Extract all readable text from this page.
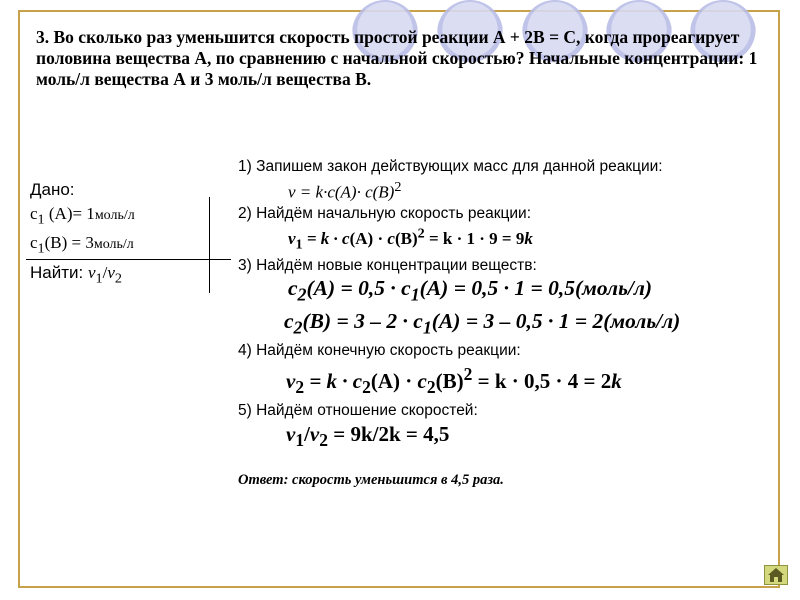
3. Во сколько раз уменьшится скорость простой реакции А + 2В = С, когда прореагирует половина вещества А, по сравнению с начальной скоростью? Начальные концентрации: 1 моль/л вещества А и 3 моль/л вещества В.

Дано:
$c_1$ (A)= 1моль/л
$c_1(B)$ = 3моль/л
Найти: $v_1/v_2$

1) Запишем закон действующих масс для данной реакции:

$v = k\cdot c(A)\cdot c(B)^2$

2) Найдём начальную скорость реакции:

$v_1 = k \cdot c(А) \cdot c(В)^2 = k \cdot 1 \cdot 9 = 9k$

3) Найдём новые концентрации веществ:

$c_2(A) = 0,5 \cdot c_1(A) = 0,5 \cdot 1$ = 0,5(моль/л)
$c_2(B) = 3 - 2 \cdot c_1(A) = 3 - 0,5 \cdot 1$ = 2(моль/л)

4) Найдём конечную скорость реакции:

$v_2 = k \cdot c_2(А) \cdot c_2(В)^2 = k \cdot 0,5 \cdot 4 = 2k$

5) Найдём отношение скоростей:

$v_1/v_2 = 9k/2k = 4,5$
Ответ: скорость уменьшится в 4,5 раза.
